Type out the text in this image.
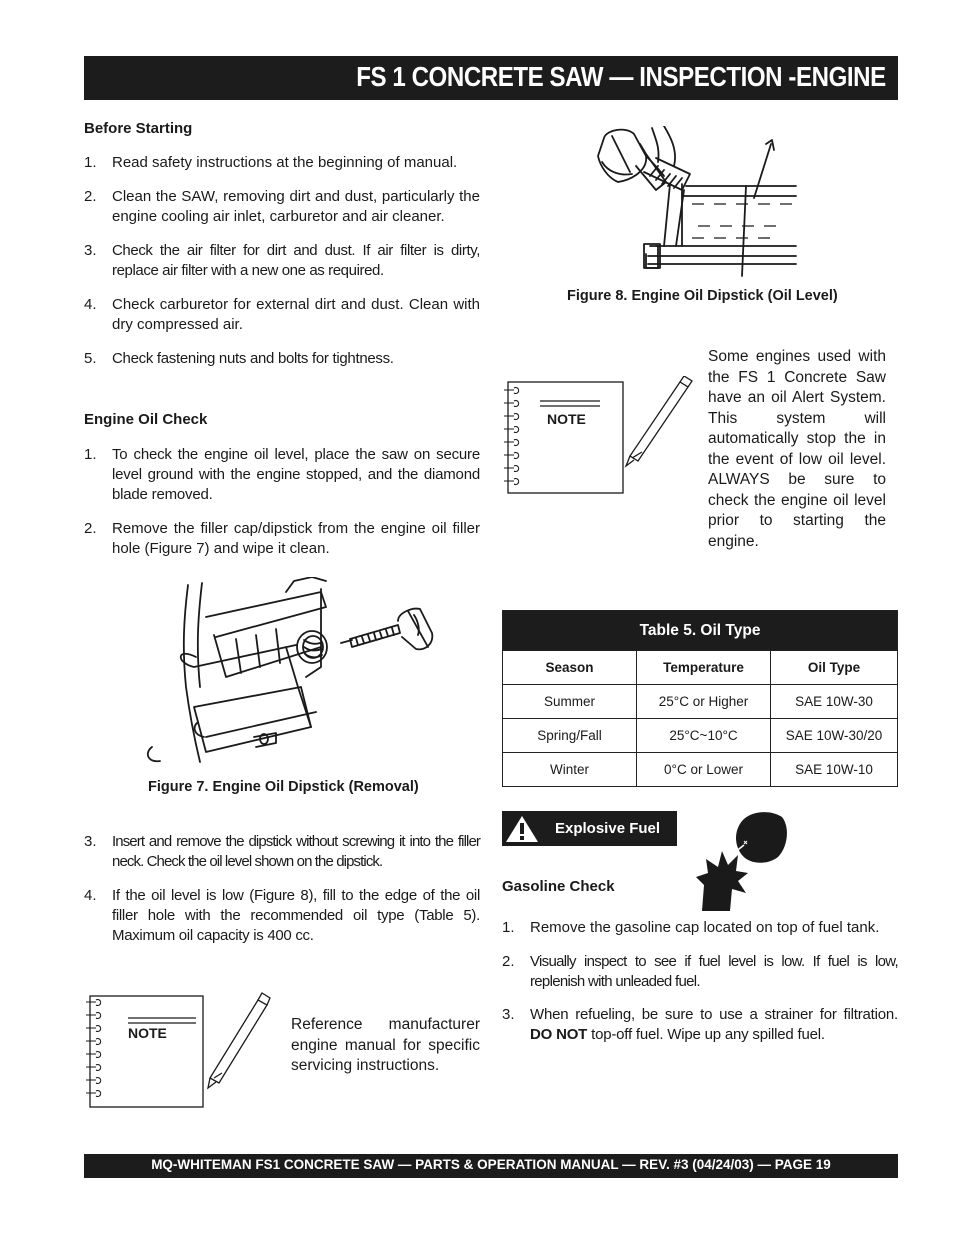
FS 1 CONCRETE SAW — INSPECTION -ENGINE
Before Starting
1. Read safety instructions at the beginning of manual.
2. Clean the SAW, removing dirt and dust, particularly the engine cooling air inlet, carburetor and air cleaner.
3. Check the air filter for dirt and dust. If air filter is dirty, replace air filter with a new one as required.
4. Check carburetor for external dirt and dust. Clean with dry compressed air.
5. Check fastening nuts and bolts for tightness.
Engine Oil Check
1. To check the engine oil level, place the saw on secure level ground with the engine stopped, and the diamond blade removed.
2. Remove the filler cap/dipstick from the engine oil filler hole (Figure 7) and wipe it clean.
Figure 7. Engine Oil Dipstick (Removal)
3. Insert and remove the dipstick without screwing it into the filler neck. Check the oil level shown on the dipstick.
4. If the oil level is low (Figure 8), fill to the edge of the oil filler hole with the recommended oil type (Table 5). Maximum oil capacity is 400 cc.
NOTE	Reference manufacturer engine manual for specific servicing instructions.
Figure 8. Engine Oil Dipstick (Oil Level)
NOTE
Some engines used with the FS 1 Concrete Saw have an oil Alert System. This system will automatically stop the in the event of low oil level. ALWAYS be sure to check the engine oil level prior to starting the engine.
Table 5. Oil Type		
Season	Temperature	Oil Type
Summer	25°C or Higher	SAE 10W-30
Spring/Fall	25°C~10°C	SAE 10W-30/20
Winter	0°C or Lower	SAE 10W-10
Explosive Fuel
Gasoline Check
1. Remove the gasoline cap located on top of fuel tank.
2. Visually inspect to see if fuel level is low. If fuel is low, replenish with unleaded fuel.
3. When refueling, be sure to use a strainer for filtration. DO NOT top-off fuel. Wipe up any spilled fuel.
MQ-WHITEMAN FS1 CONCRETE SAW — PARTS & OPERATION MANUAL — REV. #3 (04/24/03) — PAGE 19
